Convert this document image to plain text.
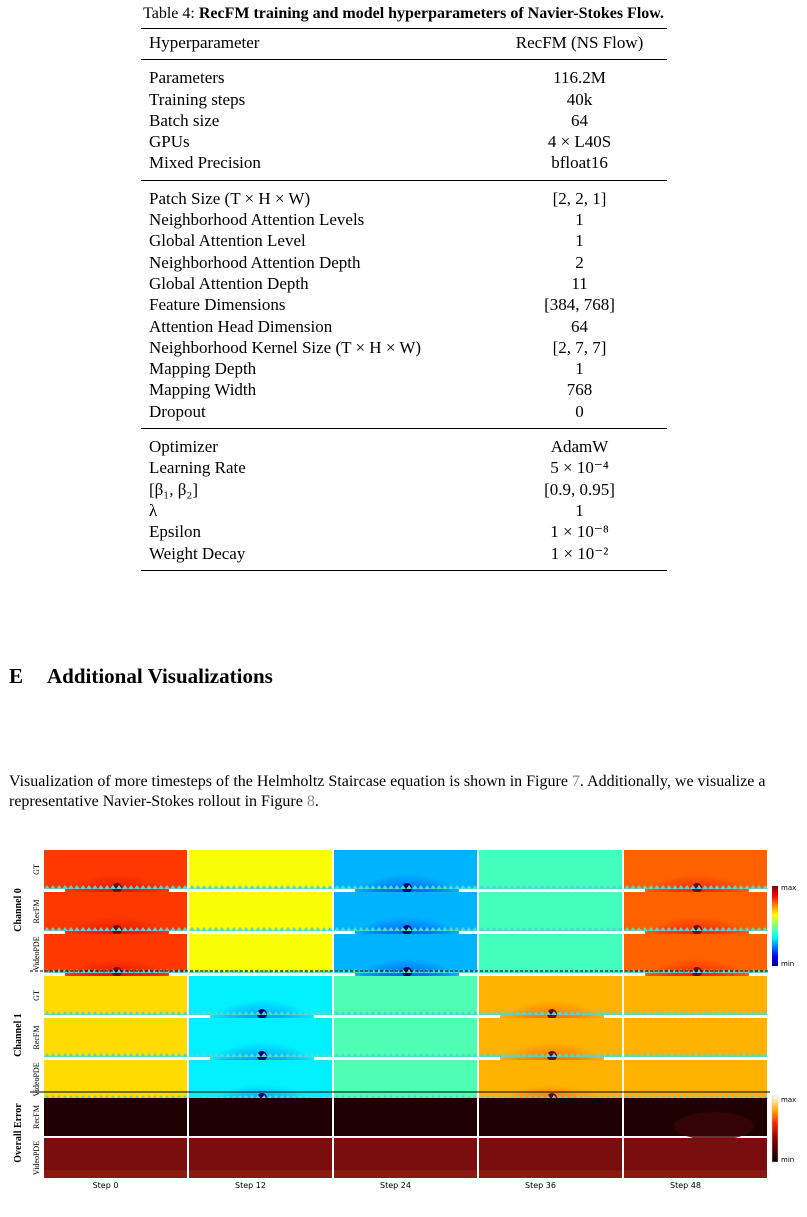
Table 4: RecFM training and model hyperparameters of Navier-Stokes Flow.
Hyperparameter	RecFM (NS Flow)
Parameters	116.2M
Training steps	40k
Batch size	64
GPUs	4 × L40S
Mixed Precision	bfloat16
Patch Size (T × H × W)	[2, 2, 1]
Neighborhood Attention Levels	1
Global Attention Level	1
Neighborhood Attention Depth	2
Global Attention Depth	11
Feature Dimensions	[384, 768]
Attention Head Dimension	64
Neighborhood Kernel Size (T × H × W)	[2, 7, 7]
Mapping Depth	1
Mapping Width	768
Dropout	0
Optimizer	AdamW
Learning Rate	5 × 10⁻⁴
[β₁, β₂]	[0.9, 0.95]
λ	1
Epsilon	1 × 10⁻⁸
Weight Decay	1 × 10⁻²
E Additional Visualizations
Visualization of more timesteps of the Helmholtz Staircase equation is shown in Figure 7. Additionally, we visualize a representative Navier-Stokes rollout in Figure 8.
GT
RecFM
VideoPDE
GT
RecFM
VideoPDE
RecFM
VideoPDE
Channel 0
Channel 1
Overall Error
Step 0	Step 12	Step 24	Step 36	Step 48
max
min
max
min
